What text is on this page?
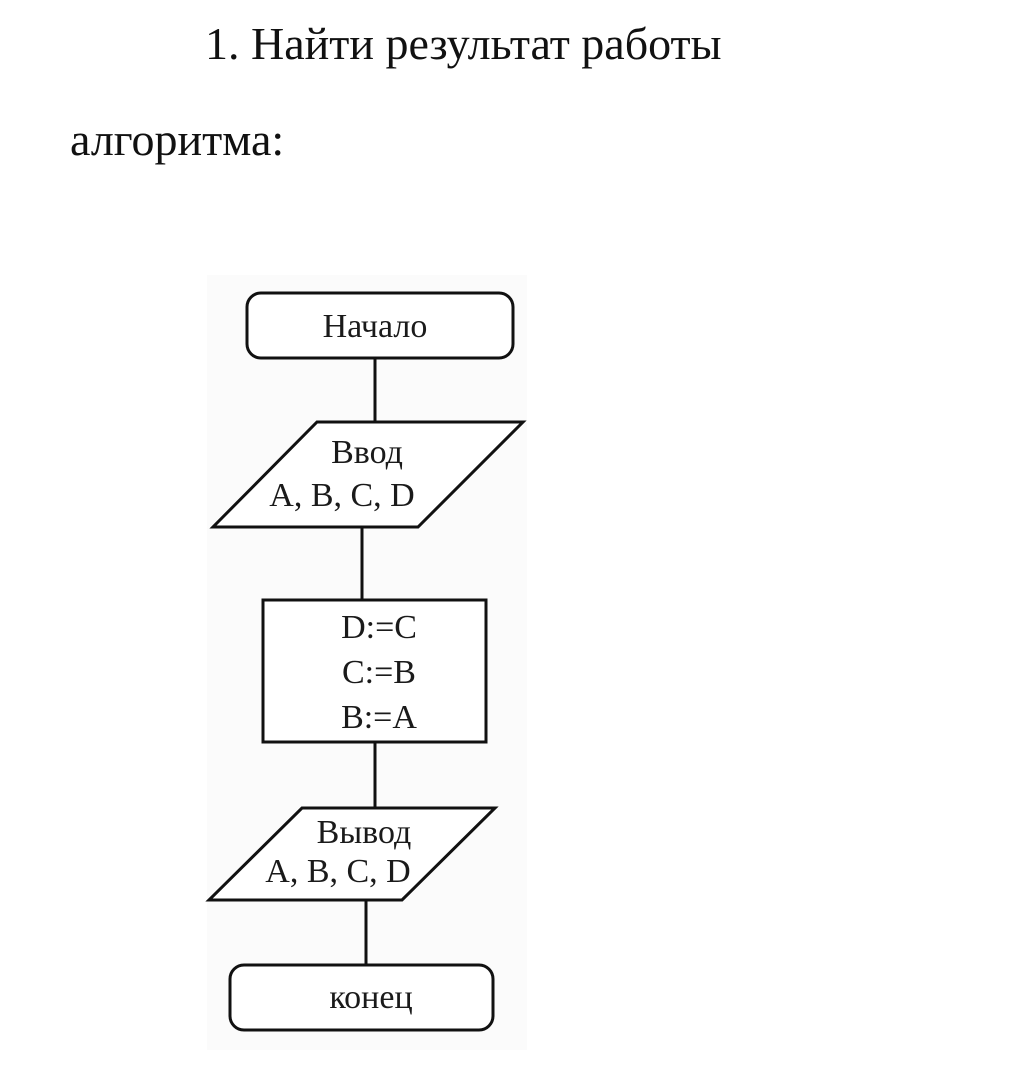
1. Найти результат работы
алгоритма:
Начало
Ввод
A, B, C, D
D:=C
C:=B
B:=A
Вывод
A, B, C, D
конец
